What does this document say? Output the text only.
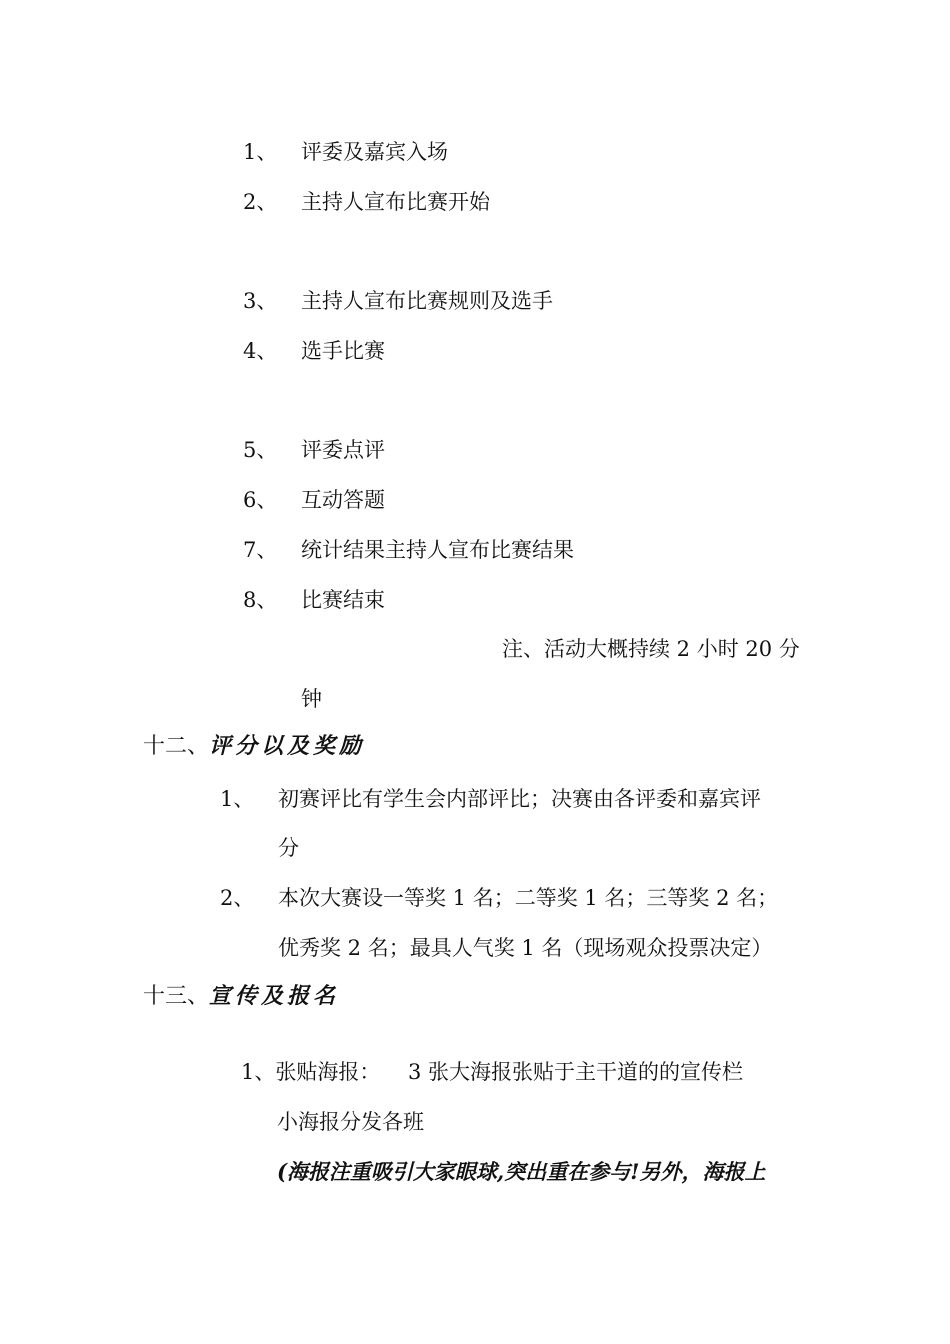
1、 评委及嘉宾入场
2、 主持人宣布比赛开始
3、 主持人宣布比赛规则及选手
4、 选手比赛
5、 评委点评
6、 互动答题
7、 统计结果主持人宣布比赛结果
8、 比赛结束
注、活动大概持续 2 小时 20 分
钟
十二、评分以及奖励
1、 初赛评比有学生会内部评比；决赛由各评委和嘉宾评
分
2、 本次大赛设一等奖 1 名；二等奖 1 名；三等奖 2 名；
优秀奖 2 名；最具人气奖 1 名（现场观众投票决定）
十三、宣传及报名
1、张贴海报： 3 张大海报张贴于主干道的的宣传栏
小海报分发各班
(海报注重吸引大家眼球,突出重在参与!另外，海报上
